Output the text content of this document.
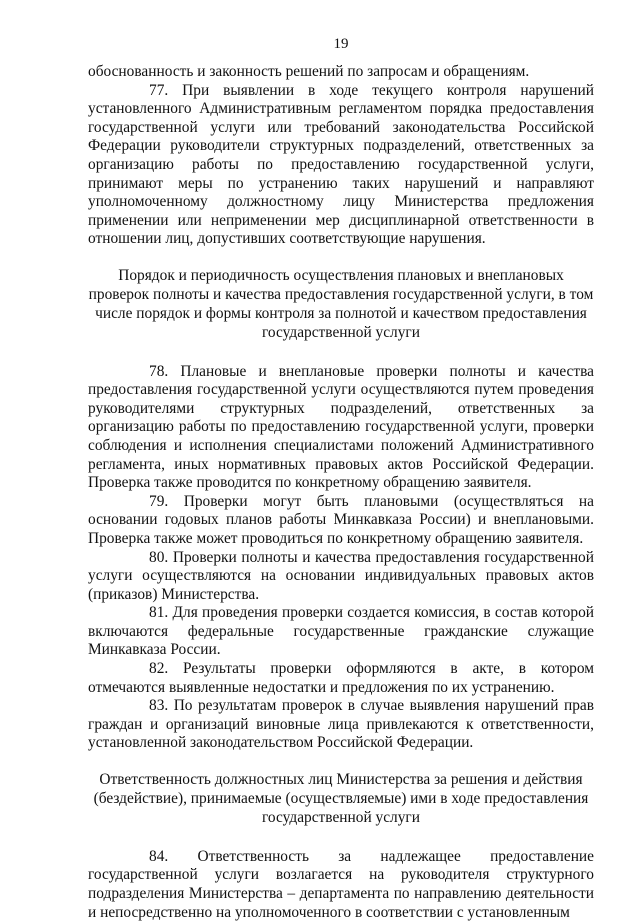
19

обоснованность и законность решений по запросам и обращениям.

77. При выявлении в ходе текущего контроля нарушений установленного Административным регламентом порядка предоставления государственной услуги или требований законодательства Российской Федерации руководители структурных подразделений, ответственных за организацию работы по предоставлению государственной услуги, принимают меры по устранению таких нарушений и направляют уполномоченному должностному лицу Министерства предложения применении или неприменении мер дисциплинарной ответственности в отношении лиц, допустивших соответствующие нарушения.

Порядок и периодичность осуществления плановых и внеплановых проверок полноты и качества предоставления государственной услуги, в том числе порядок и формы контроля за полнотой и качеством предоставления государственной услуги

78. Плановые и внеплановые проверки полноты и качества предоставления государственной услуги осуществляются путем проведения руководителями структурных подразделений, ответственных за организацию работы по предоставлению государственной услуги, проверки соблюдения и исполнения специалистами положений Административного регламента, иных нормативных правовых актов Российской Федерации. Проверка также проводится по конкретному обращению заявителя.

79. Проверки могут быть плановыми (осуществляться на основании годовых планов работы Минкавказа России) и внеплановыми. Проверка также может проводиться по конкретному обращению заявителя.

80. Проверки полноты и качества предоставления государственной услуги осуществляются на основании индивидуальных правовых актов (приказов) Министерства.

81. Для проведения проверки создается комиссия, в состав которой включаются федеральные государственные гражданские служащие Минкавказа России.

82. Результаты проверки оформляются в акте, в котором отмечаются выявленные недостатки и предложения по их устранению.

83. По результатам проверок в случае выявления нарушений прав граждан и организаций виновные лица привлекаются к ответственности, установленной законодательством Российской Федерации.

Ответственность должностных лиц Министерства за решения и действия (бездействие), принимаемые (осуществляемые) ими в ходе предоставления государственной услуги

84. Ответственность за надлежащее предоставление государственной услуги возлагается на руководителя структурного подразделения Министерства – департамента по направлению деятельности и непосредственно на уполномоченного в соответствии с установленным
